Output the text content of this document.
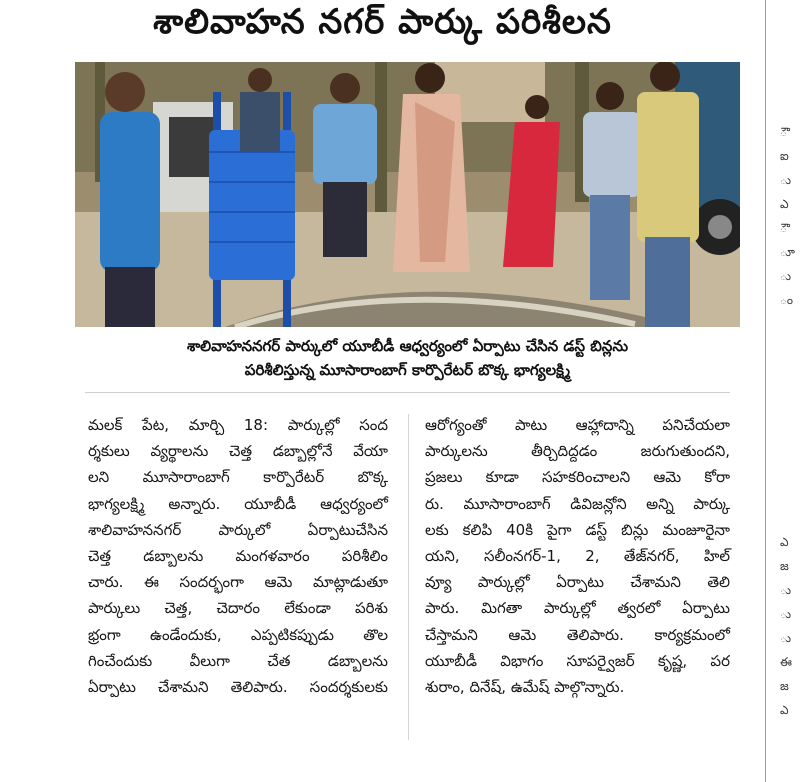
శాలివాహన నగర్ పార్కు పరిశీలన
శాలివాహననగర్ పార్కులో యూబీడీ ఆధ్వర్యంలో ఏర్పాటు చేసిన డస్ట్ బిన్లను
పరిశీలిస్తున్న మూసారాంబాగ్ కార్పొరేటర్ బొక్క భాగ్యలక్ష్మి

మలక్ పేట, మార్చి 18: పార్కుల్లో సంద

ర్శకులు వ్యర్థాలను చెత్త డబ్బాల్లోనే వేయా

లని మూసారాంబాగ్ కార్పొరేటర్ బొక్క

భాగ్యలక్ష్మి అన్నారు. యూబీడీ ఆధ్వర్యంలో

శాలివాహననగర్ పార్కులో ఏర్పాటుచేసిన

చెత్త డబ్బాలను మంగళవారం పరిశీలిం

చారు. ఈ సందర్భంగా ఆమె మాట్లాడుతూ

పార్కులు చెత్త, చెదారం లేకుండా పరిశు

భ్రంగా ఉండేందుకు, ఎప్పటికప్పుడు తొల

గించేందుకు వీలుగా చేత డబ్బాలను

ఏర్పాటు చేశామని తెలిపారు. సందర్శకులకు

ఆరోగ్యంతో పాటు ఆహ్లాదాన్ని పనిచేయలా

పార్కులను తీర్చిదిద్దడం జరుగుతుందని,

ప్రజలు కూడా సహకరించాలని ఆమె కోరా

రు. మూసారాంబాగ్ డివిజన్లోని అన్ని పార్కు

లకు కలిపి 40కి పైగా డస్ట్ బిన్లు మంజూరైనా

యని, సలీంనగర్-1, 2, తేజ్‌నగర్, హిల్

వ్యూ పార్కుల్లో ఏర్పాటు చేశామని తెలి

పారు. మిగతా పార్కుల్లో త్వరలో ఏర్పాటు

చేస్తామని ఆమె తెలిపారు. కార్యక్రమంలో

యూబీడీ విభాగం సూపర్వైజర్ కృష్ణ, పర

శురాం, దినేష్, ఉమేష్ పాల్గొన్నారు.

ౌ
ఐ
ు
ఎ
ౌ
ూ
ు
ం
ఎ
జ
ు
ు
ు
ఈ
జ
ఎ
